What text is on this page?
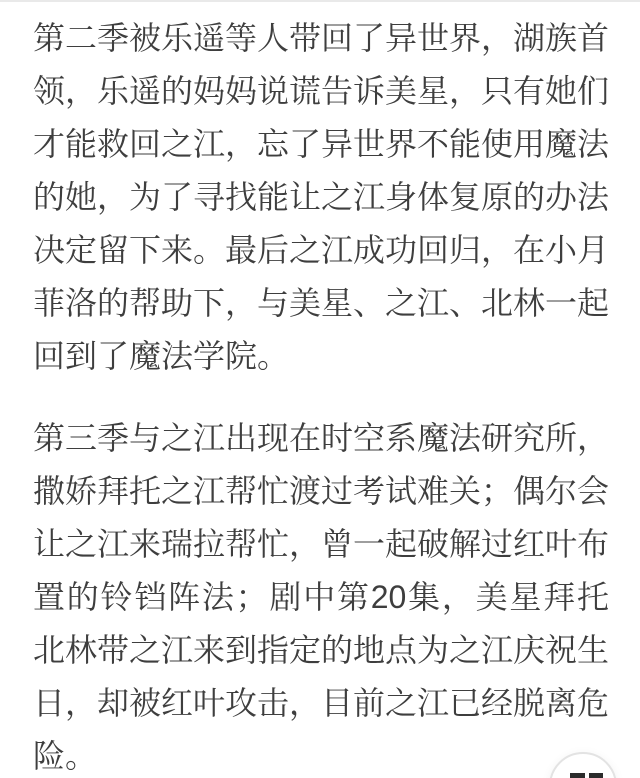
第二季被乐遥等人带回了异世界，湖族首领，乐遥的妈妈说谎告诉美星，只有她们才能救回之江，忘了异世界不能使用魔法的她，为了寻找能让之江身体复原的办法决定留下来。最后之江成功回归，在小月菲洛的帮助下，与美星、之江、北林一起回到了魔法学院。

第三季与之江出现在时空系魔法研究所，撒娇拜托之江帮忙渡过考试难关；偶尔会让之江来瑞拉帮忙，曾一起破解过红叶布置的铃铛阵法；剧中第20集，美星拜托北林带之江来到指定的地点为之江庆祝生日，却被红叶攻击，目前之江已经脱离危险。
